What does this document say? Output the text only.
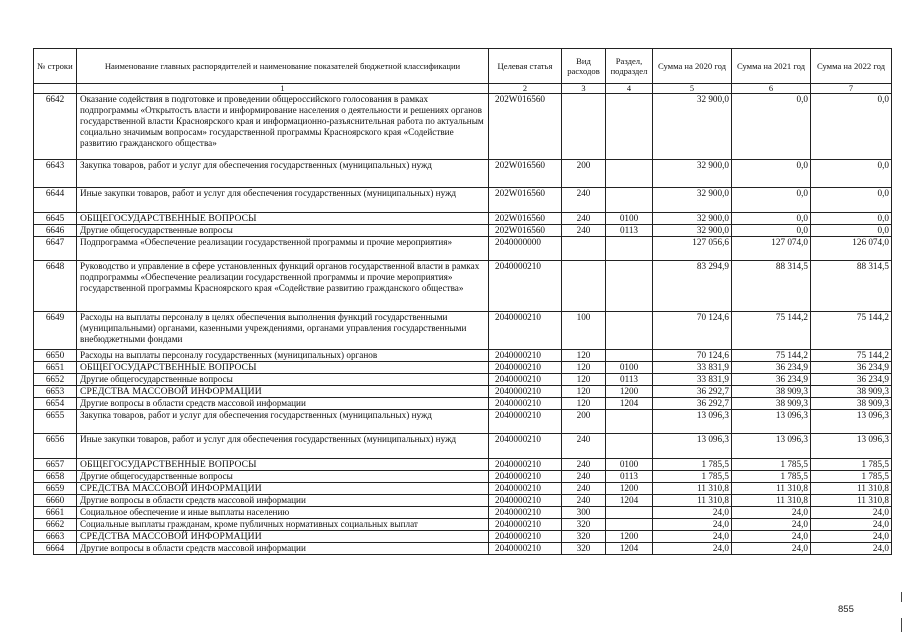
№ строки	Наименование главных распорядителей и наименование показателей бюджетной классификации	Целевая статья	Вид расходов	Раздел, подраздел	Сумма на 2020 год	Сумма на 2021 год	Сумма на 2022 год
	1	2	3	4	5	6	7
6642	Оказание содействия в подготовке и проведении общероссийского голосования в рамках подпрограммы «Открытость власти и информирование населения о деятельности и решениях органов государственной власти Красноярского края и информационно-разъяснительная работа по актуальным социально значимым вопросам» государственной программы Красноярского края «Содействие развитию гражданского общества»	202W016560			32 900,0	0,0	0,0
6643	Закупка товаров, работ и услуг для обеспечения государственных (муниципальных) нужд	202W016560	200		32 900,0	0,0	0,0
6644	Иные закупки товаров, работ и услуг для обеспечения государственных (муниципальных) нужд	202W016560	240		32 900,0	0,0	0,0
6645	ОБЩЕГОСУДАРСТВЕННЫЕ ВОПРОСЫ	202W016560	240	0100	32 900,0	0,0	0,0
6646	Другие общегосударственные вопросы	202W016560	240	0113	32 900,0	0,0	0,0
6647	Подпрограмма «Обеспечение реализации государственной программы и прочие мероприятия»	2040000000			127 056,6	127 074,0	126 074,0
6648	Руководство и управление в сфере установленных функций органов государственной власти в рамках подпрограммы «Обеспечение реализации государственной программы и прочие мероприятия» государственной программы Красноярского края «Содействие развитию гражданского общества»	2040000210			83 294,9	88 314,5	88 314,5
6649	Расходы на выплаты персоналу в целях обеспечения выполнения функций государственными (муниципальными) органами, казенными учреждениями, органами управления государственными внебюджетными фондами	2040000210	100		70 124,6	75 144,2	75 144,2
6650	Расходы на выплаты персоналу государственных (муниципальных) органов	2040000210	120		70 124,6	75 144,2	75 144,2
6651	ОБЩЕГОСУДАРСТВЕННЫЕ ВОПРОСЫ	2040000210	120	0100	33 831,9	36 234,9	36 234,9
6652	Другие общегосударственные вопросы	2040000210	120	0113	33 831,9	36 234,9	36 234,9
6653	СРЕДСТВА МАССОВОЙ ИНФОРМАЦИИ	2040000210	120	1200	36 292,7	38 909,3	38 909,3
6654	Другие вопросы в области средств массовой информации	2040000210	120	1204	36 292,7	38 909,3	38 909,3
6655	Закупка товаров, работ и услуг для обеспечения государственных (муниципальных) нужд	2040000210	200		13 096,3	13 096,3	13 096,3
6656	Иные закупки товаров, работ и услуг для обеспечения государственных (муниципальных) нужд	2040000210	240		13 096,3	13 096,3	13 096,3
6657	ОБЩЕГОСУДАРСТВЕННЫЕ ВОПРОСЫ	2040000210	240	0100	1 785,5	1 785,5	1 785,5
6658	Другие общегосударственные вопросы	2040000210	240	0113	1 785,5	1 785,5	1 785,5
6659	СРЕДСТВА МАССОВОЙ ИНФОРМАЦИИ	2040000210	240	1200	11 310,8	11 310,8	11 310,8
6660	Другие вопросы в области средств массовой информации	2040000210	240	1204	11 310,8	11 310,8	11 310,8
6661	Социальное обеспечение и иные выплаты населению	2040000210	300		24,0	24,0	24,0
6662	Социальные выплаты гражданам, кроме публичных нормативных социальных выплат	2040000210	320		24,0	24,0	24,0
6663	СРЕДСТВА МАССОВОЙ ИНФОРМАЦИИ	2040000210	320	1200	24,0	24,0	24,0
6664	Другие вопросы в области средств массовой информации	2040000210	320	1204	24,0	24,0	24,0
855
